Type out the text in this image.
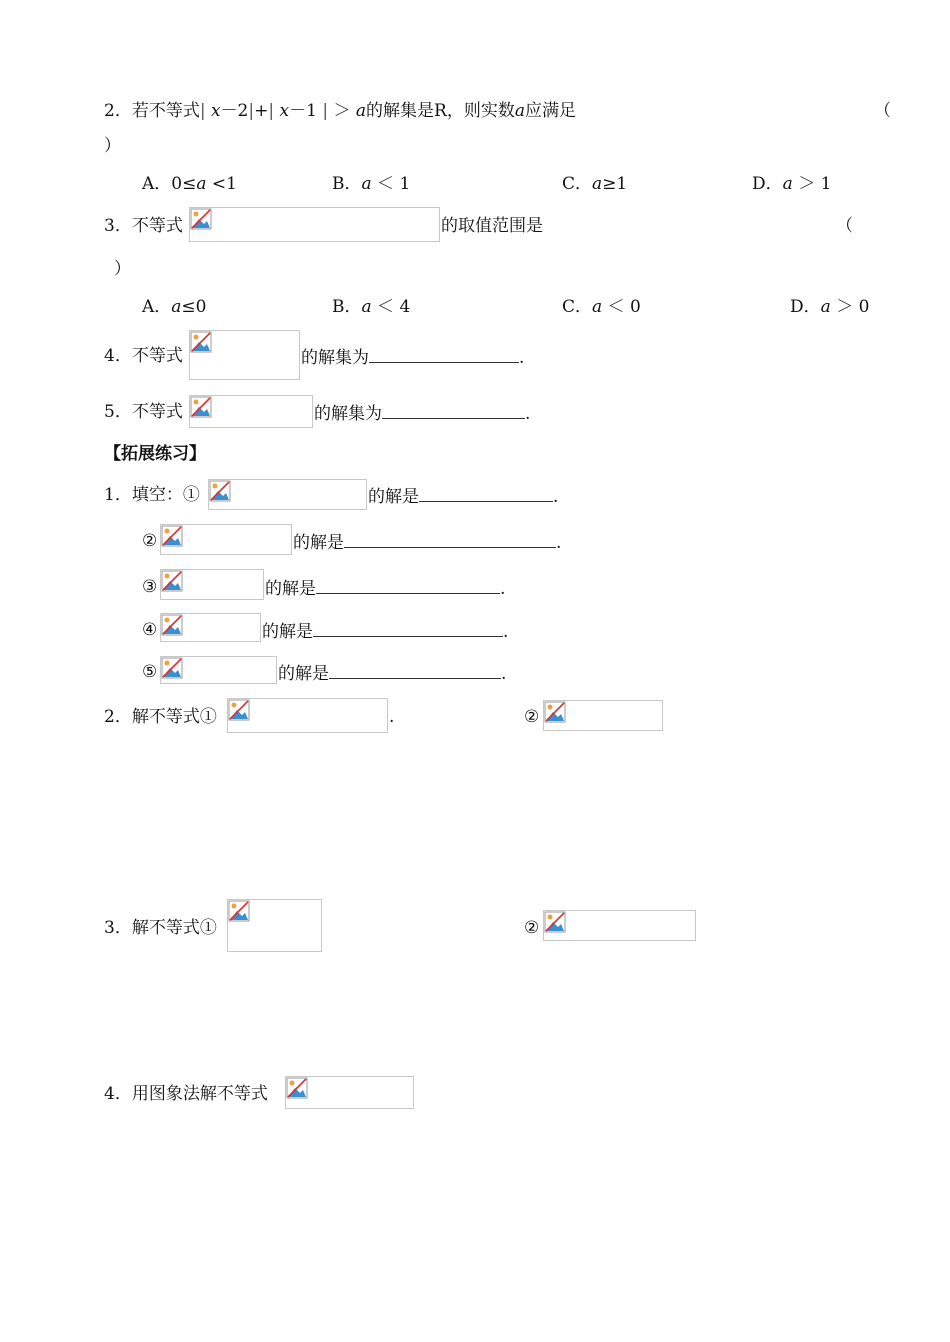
2．若不等式| x－2|+| x－1 | ＞ a的解集是R，则实数a应满足	（
）
A．0≤a <1	B．a ＜ 1	C．a≥1	D．a ＞ 1
3．不等式	的取值范围是	（
）
A．a≤0	B．a ＜ 4	C．a ＜ 0	D．a ＞ 0
4．不等式	的解集为	.
5．不等式	的解集为	.
【拓展练习】
1．填空：①	的解是	.
②	的解是	.
③	的解是	.
④	的解是	.
⑤	的解是	.
2．解不等式①	.	②
3．解不等式①	②
4．用图象法解不等式
